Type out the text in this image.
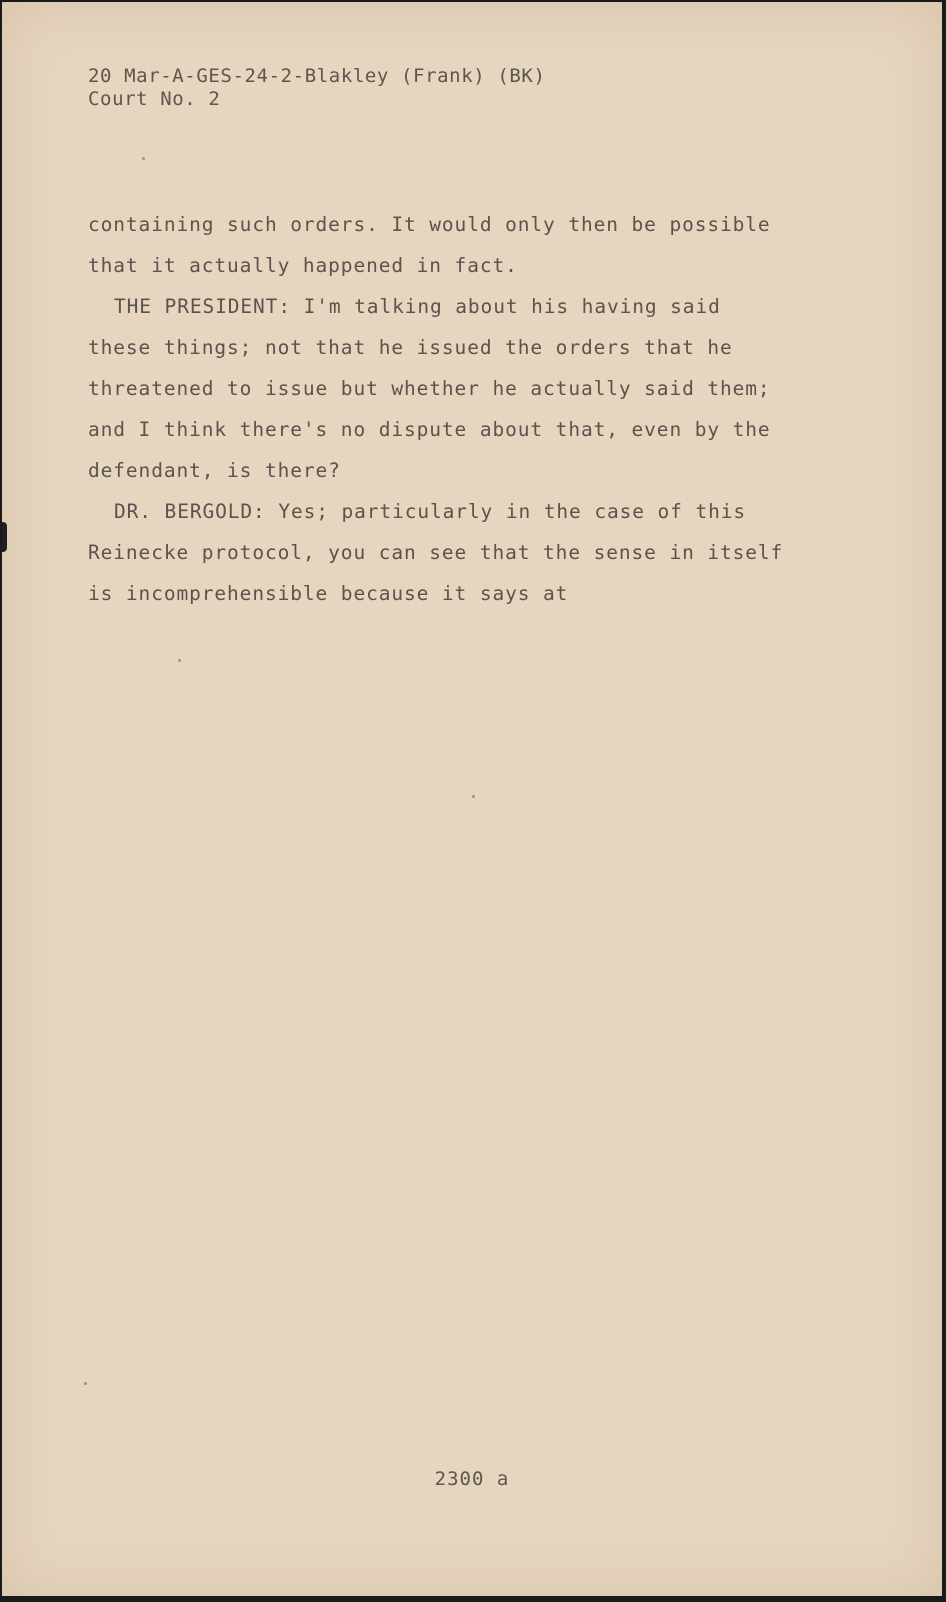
20 Mar-A-GES-24-2-Blakley (Frank) (BK)
Court No. 2
containing such orders. It would only then be possible
that it actually happened in fact.
THE PRESIDENT: I'm talking about his having said
these things; not that he issued the orders that he
threatened to issue but whether he actually said them;
and I think there's no dispute about that, even by the
defendant, is there?
DR. BERGOLD: Yes; particularly in the case of this
Reinecke protocol, you can see that the sense in itself
is incomprehensible because it says at
2300 a
